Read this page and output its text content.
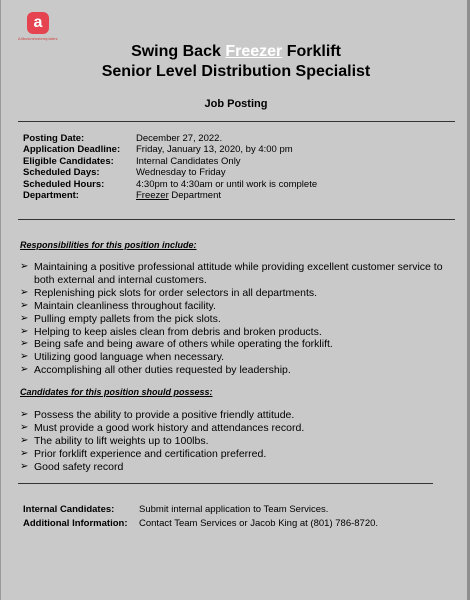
a
Allbusinesstemplates
Swing Back Freezer Forklift
Senior Level Distribution Specialist
Job Posting
Posting Date:	December 27, 2022.
Application Deadline:	Friday, January 13, 2020, by 4:00 pm
Eligible Candidates:	Internal Candidates Only
Scheduled Days:	Wednesday to Friday
Scheduled Hours:	4:30pm to 4:30am or until work is complete
Department:	Freezer Department
Responsibilities for this position include:
➢ Maintaining a positive professional attitude while providing excellent customer service to both external and internal customers.
➢ Replenishing pick slots for order selectors in all departments.
➢ Maintain cleanliness throughout facility.
➢ Pulling empty pallets from the pick slots.
➢ Helping to keep aisles clean from debris and broken products.
➢ Being safe and being aware of others while operating the forklift.
➢ Utilizing good language when necessary.
➢ Accomplishing all other duties requested by leadership.
Candidates for this position should possess:
➢ Possess the ability to provide a positive friendly attitude.
➢ Must provide a good work history and attendances record.
➢ The ability to lift weights up to 100lbs.
➢ Prior forklift experience and certification preferred.
➢ Good safety record
Internal Candidates:	Submit internal application to Team Services.
Additional Information:	Contact Team Services or Jacob King at (801) 786-8720.
